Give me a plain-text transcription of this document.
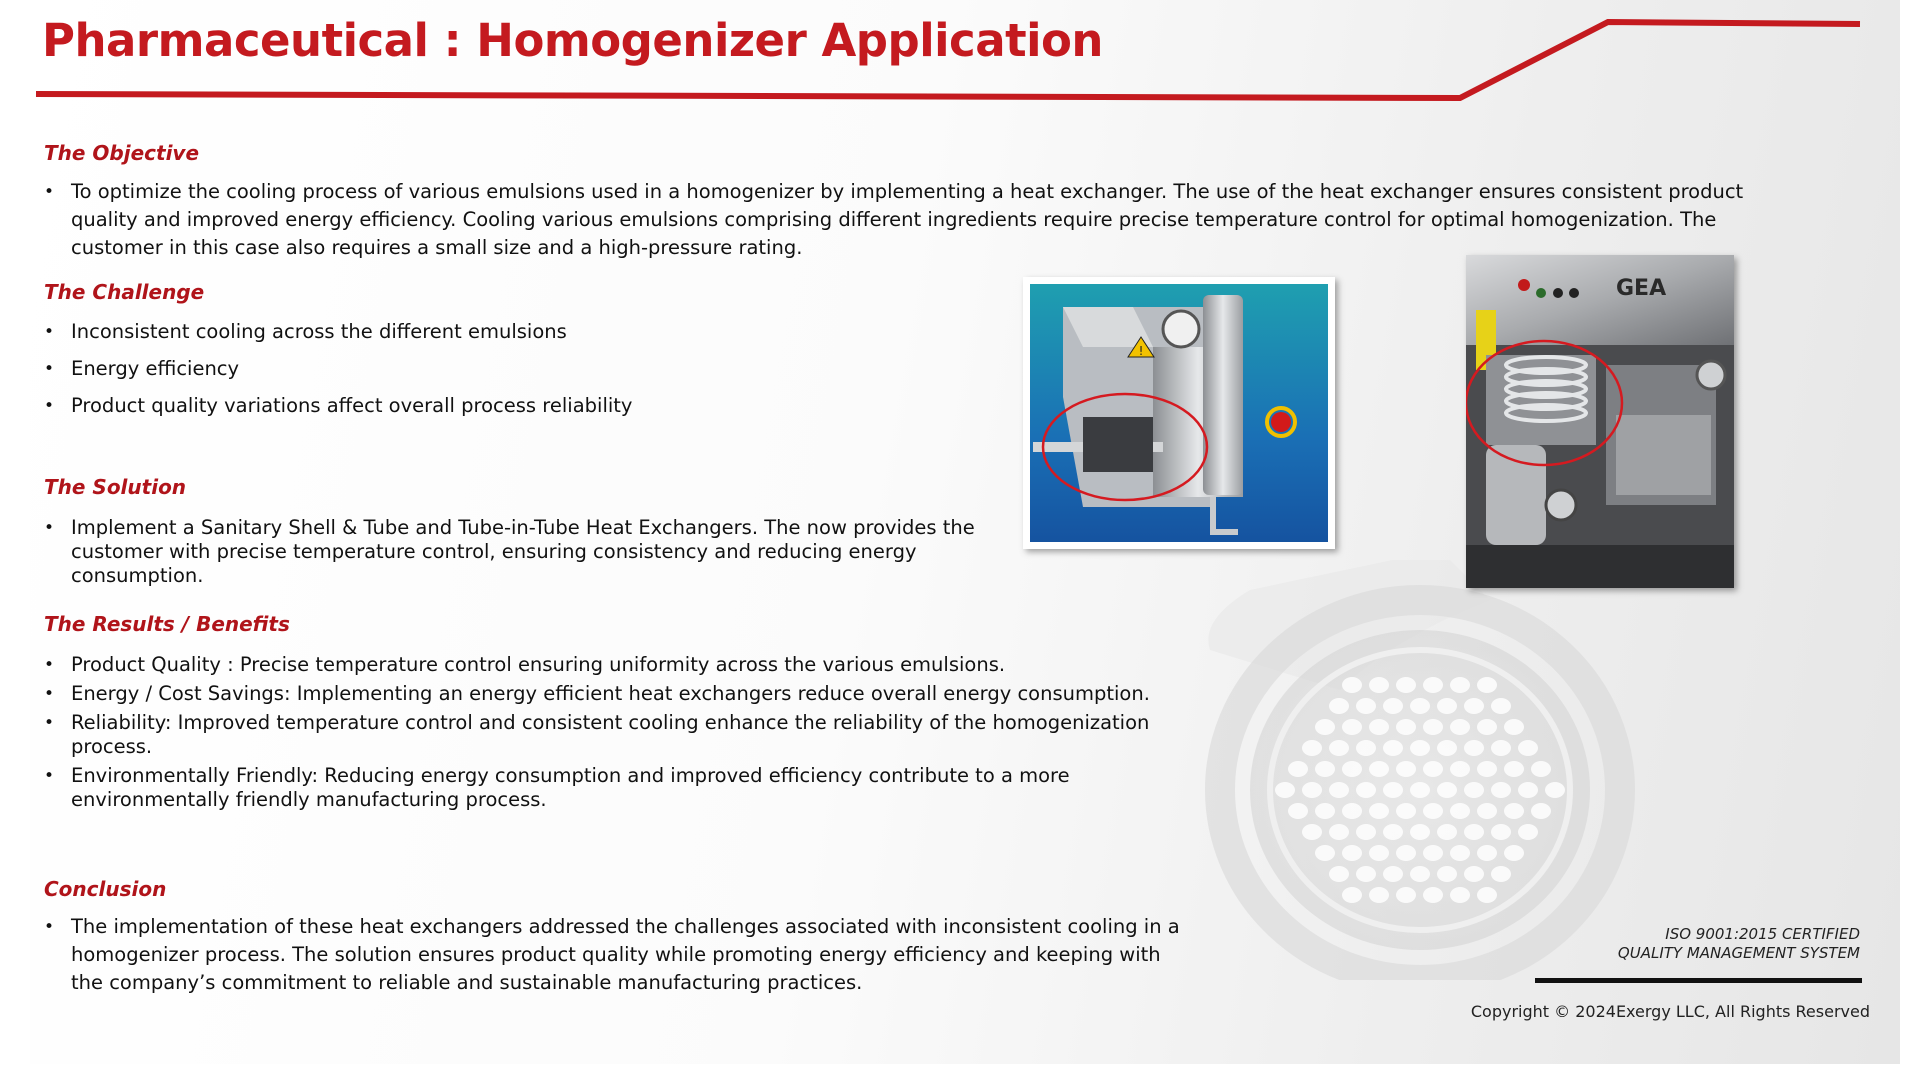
Pharmaceutical : Homogenizer Application
The Objective
• To optimize the cooling process of various emulsions used in a homogenizer by implementing a heat exchanger. The use of the heat exchanger ensures consistent product quality and improved energy efficiency. Cooling various emulsions comprising different ingredients require precise temperature control for optimal homogenization. The customer in this case also requires a small size and a high-pressure rating.
The Challenge
• Inconsistent cooling across the different emulsions
• Energy efficiency
• Product quality variations affect overall process reliability
The Solution
• Implement a Sanitary Shell & Tube and Tube-in-Tube Heat Exchangers. The now provides the customer with precise temperature control, ensuring consistency and reducing energy consumption.
The Results / Benefits
• Product Quality : Precise temperature control ensuring uniformity across the various emulsions.
• Energy / Cost Savings: Implementing an energy efficient heat exchangers reduce overall energy consumption.
• Reliability: Improved temperature control and consistent cooling enhance the reliability of the homogenization process.
• Environmentally Friendly: Reducing energy consumption and improved efficiency contribute to a more environmentally friendly manufacturing process.
Conclusion
• The implementation of these heat exchangers addressed the challenges associated with inconsistent cooling in a homogenizer process. The solution ensures product quality while promoting energy efficiency and keeping with the company’s commitment to reliable and sustainable manufacturing practices.
!
GEA
ISO 9001:2015 CERTIFIED
QUALITY MANAGEMENT SYSTEM
Copyright © 2024Exergy LLC, All Rights Reserved
